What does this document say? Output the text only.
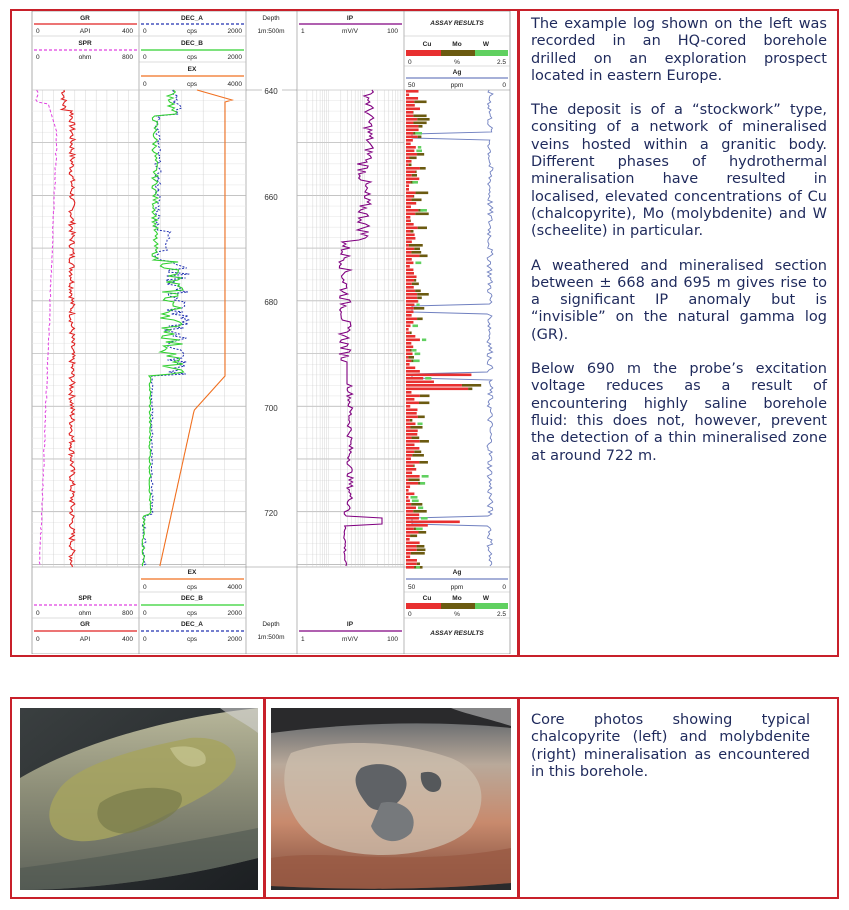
GR
0	API	400
SPR
0	ohm	800
DEC_A
0	cps	2000
DEC_B
0	cps	2000
EX
0	cps	4000
Depth
1m:500m
IP
1	mV/V	100
ASSAY RESULTS
Cu	Mo	W
0	%	2.5
Ag
50	ppm	0
640
660
680
700
720
EX
0	cps	4000
Ag
50	ppm	0
SPR
0	ohm	800
DEC_B
0	cps	2000
Cu	Mo	W
0	%	2.5
GR
0	API	400
DEC_A
0	cps	2000
Depth
1m:500m
IP
1	mV/V	100
ASSAY RESULTS

The example log shown on the left was recorded in an HQ-cored borehole drilled on an exploration prospect located in eastern Europe.

The deposit is of a “stockwork” type, consiting of a network of mineralised veins hosted within a granitic body. Different phases of hydrothermal mineralisation have resulted in localised, elevated concentrations of Cu (chalcopyrite), Mo (molybdenite) and W (scheelite) in particular.

A weathered and mineralised section between ± 668 and 695 m gives rise to a significant IP anomaly but is “invisible” on the natural gamma log (GR).

Below 690 m the probe’s excitation voltage reduces as a result of encountering highly saline borehole fluid: this does not, however, prevent the detection of a thin mineralised zone at around 722 m.

Core photos showing typical chalcopyrite (left) and molybdenite (right) mineralisation as encountered in this borehole.
